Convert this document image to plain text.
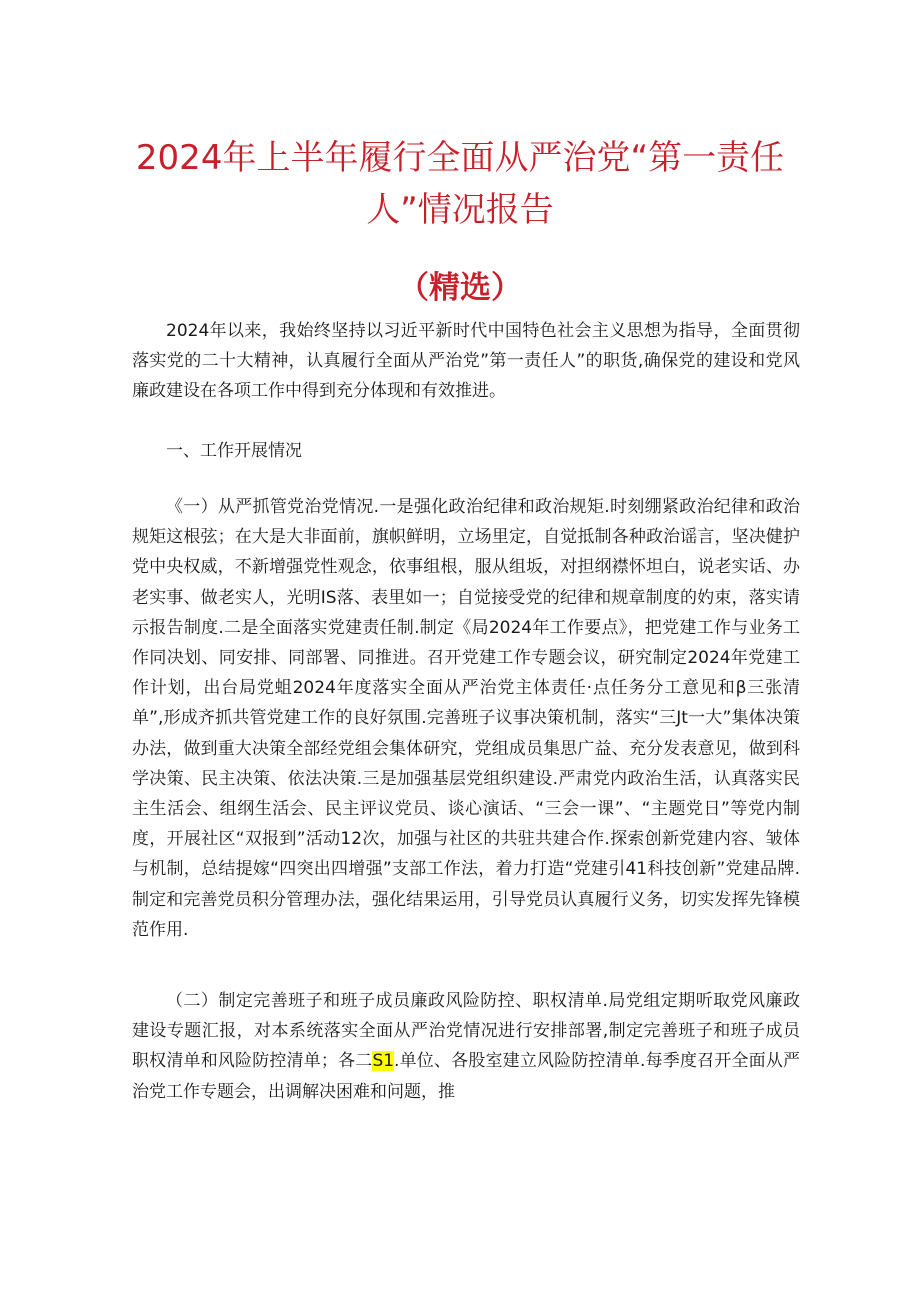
2024年上半年履行全面从严治党“第一责任人”情况报告
（精选）

2024年以来，我始终坚持以习近平新时代中国特色社会主义思想为指导，全面贯彻落实党的二十大精神，认真履行全面从严治党”第一责任人”的职货,确保党的建设和党风廉政建设在各项工作中得到充分体现和有效推进。

一、工作开展情况

《一）从严抓管党治党情况.一是强化政治纪律和政治规矩.时刻绷紧政治纪律和政治规矩这根弦；在大是大非面前，旗帜鲜明，立场里定，自觉抵制各种政治谣言，坚决健护党中央权威，不新增强党性观念，依事组根，服从组坂，对担纲襟怀坦白，说老实话、办老实事、做老实人，光明IS落、表里如一；自觉接受党的纪律和规章制度的妁束，落实请示报告制度.二是全面落实党建责任制.制定《局2024年工作要点》，把党建工作与业务工作同决划、同安排、同部署、同推进。召开党建工作专题会议，研究制定2024年党建工作计划，出台局党蛆2024年度落实全面从严治党主体责任·点任务分工意见和β三张清单”,形成齐抓共管党建工作的良好氛围.完善班子议事决策机制，落实“三Jt一大”集体决策办法，做到重大决策全部经党组会集体研究，党组成员集思广益、充分发表意见，做到科学决策、民主决策、依法决策.三是加强基层党组织建设.严肃党内政治生活，认真落实民主生活会、组纲生活会、民主评议党员、谈心演话、“三会一课”、“主题党日”等党内制度，开展社区“双报到”活动12次，加强与社区的共驻共建合作.探索创新党建内容、皱体与机制，总结提嫁“四突出四增强”支部工作法，着力打造“党建引41科技创新”党建品牌.制定和完善党员积分管理办法，强化结果运用，引导党员认真履行义务，切实发挥先锋模范作用.

（二）制定完善班子和班子成员廉政风险防控、职权清单.局党组定期听取党风廉政建设专题汇报，对本系统落实全面从严治党情况进行安排部署,制定完善班子和班子成员职权清单和风险防控清单；各二S1.单位、各股室建立风险防控清单.每季度召开全面从严治党工作专题会，出调解决困难和问题，推
